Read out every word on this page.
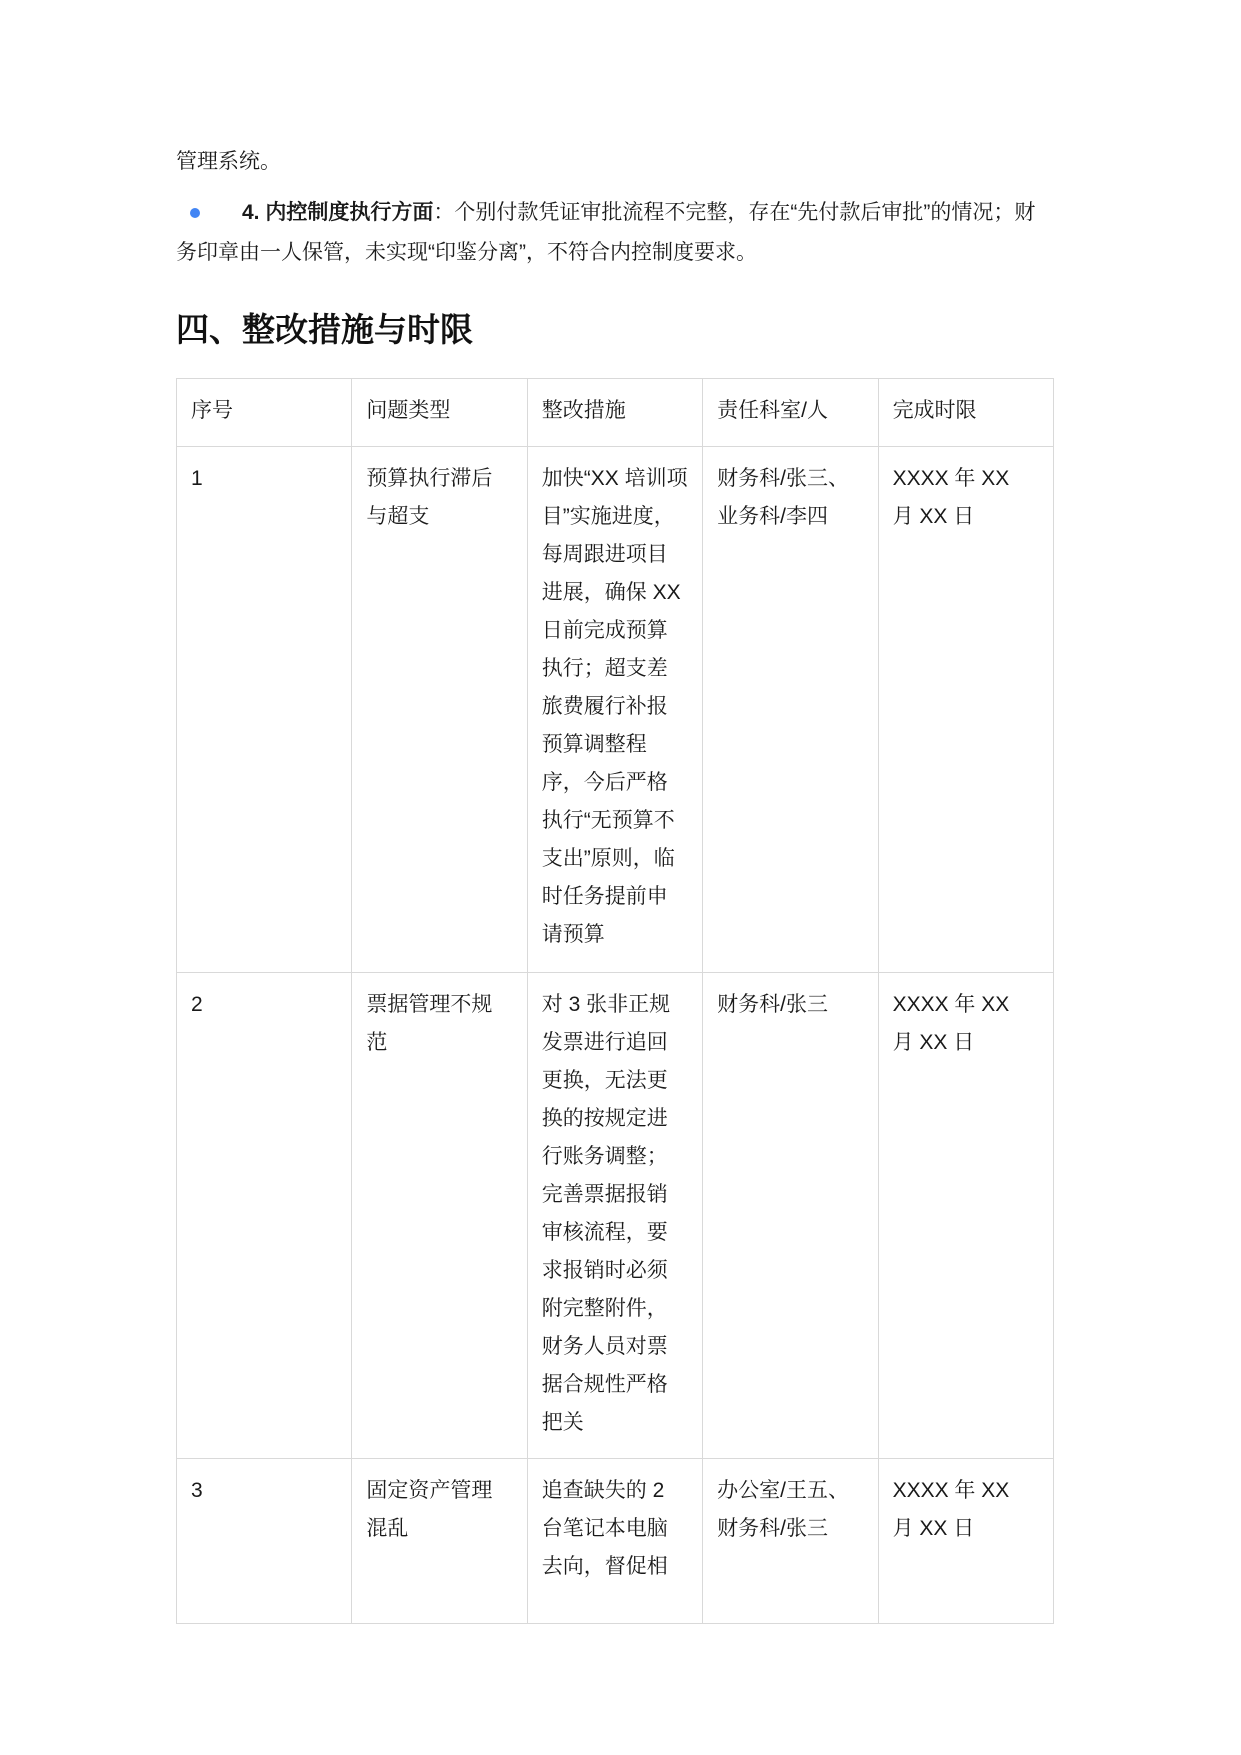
管理系统。

4. 内控制度执行方面：个别付款凭证审批流程不完整，存在“先付款后审批”的情况；财务印章由一人保管，未实现“印鉴分离”，不符合内控制度要求。

四、整改措施与时限
序号	问题类型	整改措施	责任科室/人	完成时限
1	预算执行滞后与超支	加快“XX 培训项目”实施进度，每周跟进项目进展，确保 XX 日前完成预算执行；超支差旅费履行补报预算调整程序，今后严格执行“无预算不支出”原则，临时任务提前申请预算	财务科/张三、业务科/李四	XXXX 年 XX 月 XX 日
2	票据管理不规范	对 3 张非正规发票进行追回更换，无法更换的按规定进行账务调整；完善票据报销审核流程，要求报销时必须附完整附件，财务人员对票据合规性严格把关	财务科/张三	XXXX 年 XX 月 XX 日
3	固定资产管理混乱	追查缺失的 2 台笔记本电脑去向，督促相	办公室/王五、财务科/张三	XXXX 年 XX 月 XX 日
